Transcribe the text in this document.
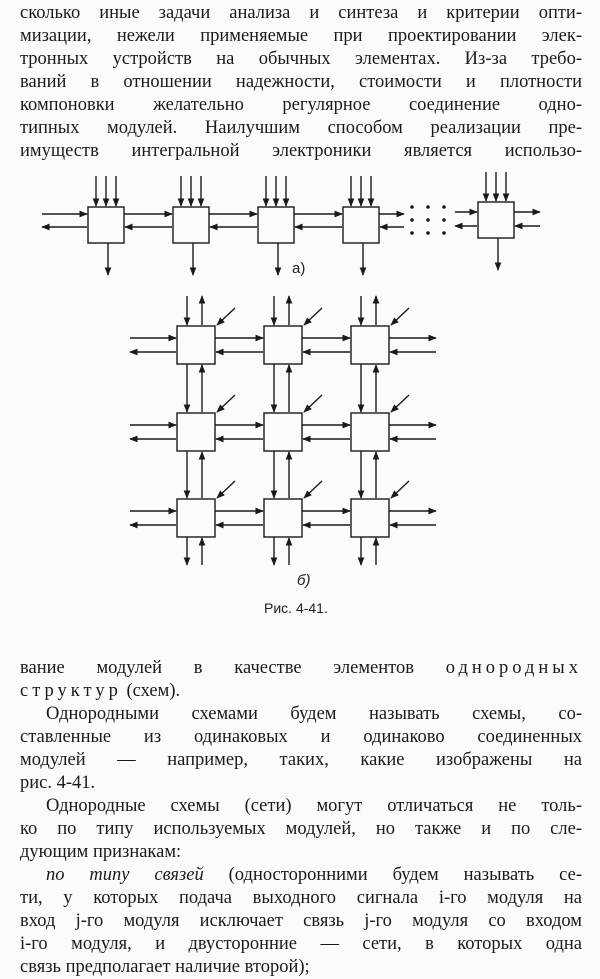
сколько иные задачи анализа и синтеза и критерии опти-
мизации, нежели применяемые при проектировании элек-
тронных устройств на обычных элементах. Из-за требо-
ваний в отношении надежности, стоимости и плотности
компоновки желательно регулярное соединение одно-
типных модулей. Наилучшим способом реализации пре-
имуществ интегральной электроники является использо-
а)
б)
Рис. 4-41.
вание модулей в качестве элементов однородных
структур (схем).
Однородными схемами будем называть схемы, со-
ставленные из одинаковых и одинаково соединенных
модулей — например, таких, какие изображены на
рис. 4-41.
Однородные схемы (сети) могут отличаться не толь-
ко по типу используемых модулей, но также и по сле-
дующим признакам:
по типу связей (односторонними будем называть се-
ти, у которых подача выходного сигнала i-го модуля на
вход j-го модуля исключает связь j-го модуля со входом
i-го модуля, и двусторонние — сети, в которых одна
связь предполагает наличие второй);
